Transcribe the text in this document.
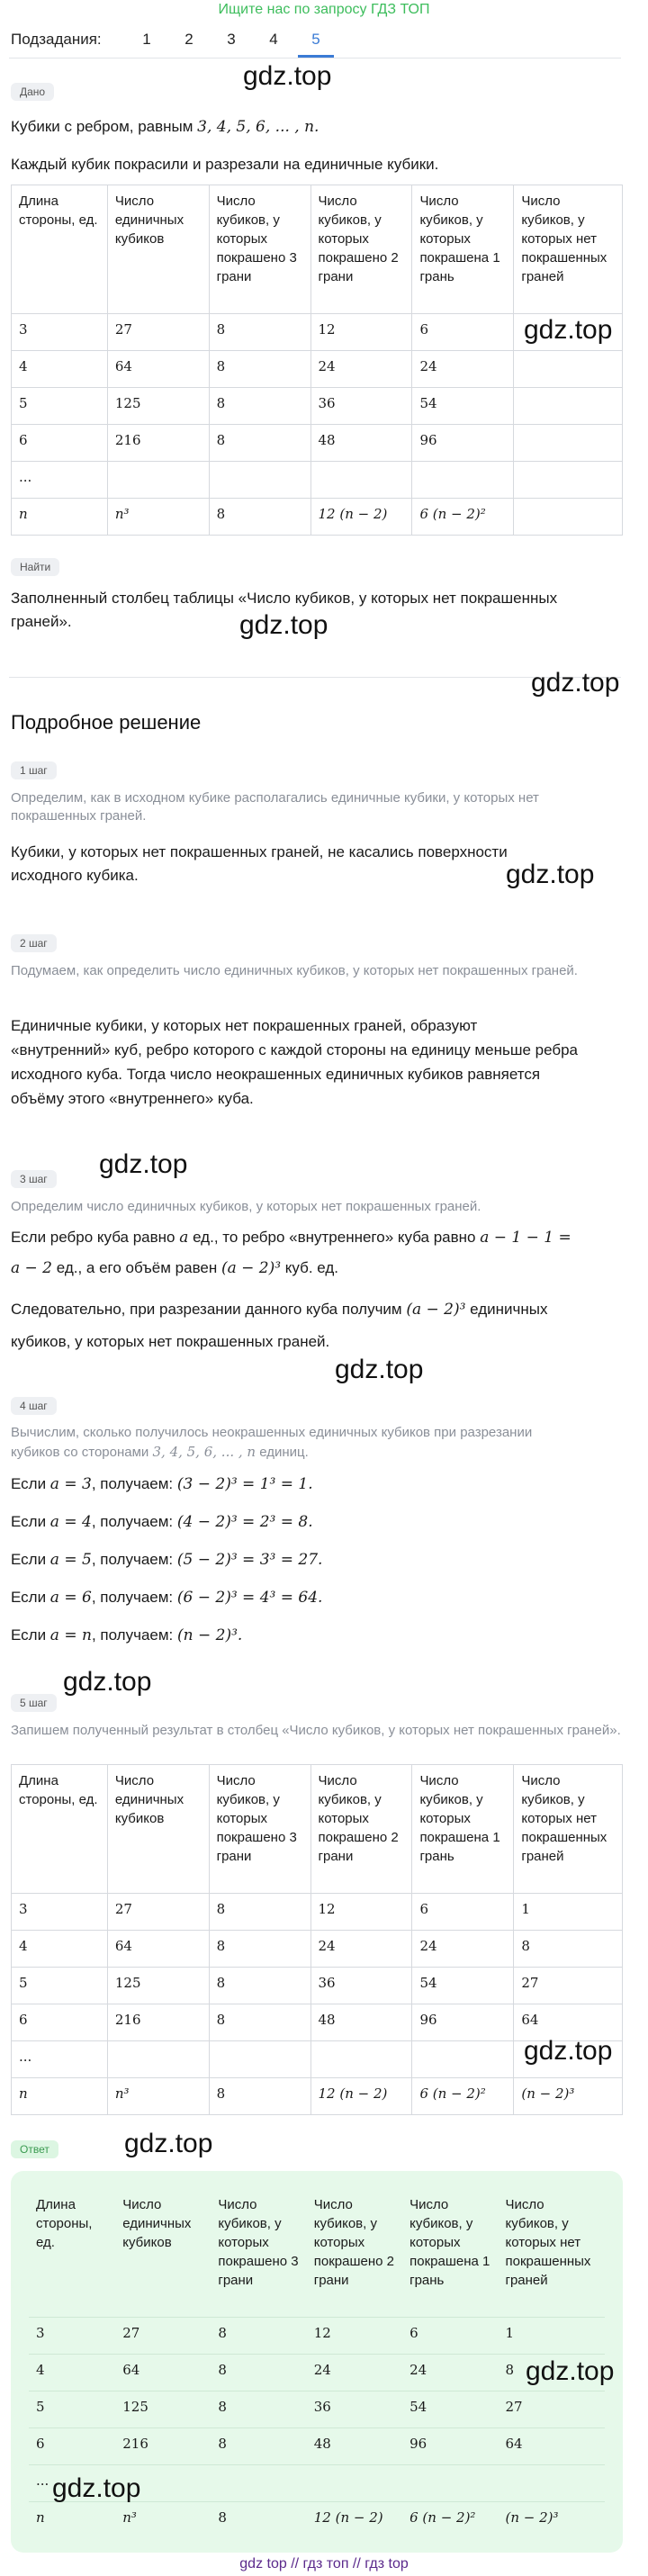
Ищите нас по запросу ГДЗ ТОП
Подзадания:	1	2	3	4	5
Дано
gdz.top
Кубики с ребром, равным 3, 4, 5, 6, ... , n.
Каждый кубик покрасили и разрезали на единичные кубики.
Длина стороны, ед.	Число единичных кубиков	Число кубиков, у которых покрашено 3 грани	Число кубиков, у которых покрашено 2 грани	Число кубиков, у которых покрашена 1 грань	Число кубиков, у которых нет покрашенных граней
3	27	8	12	6	
4	64	8	24	24	
5	125	8	36	54	
6	216	8	48	96	
...					
n	n³	8	12 (n − 2)	6 (n − 2)²	
gdz.top
Найти
Заполненный столбец таблицы «Число кубиков, у которых нет покрашенных граней».	gdz.top
gdz.top
Подробное решение
1 шаг
Определим, как в исходном кубике располагались единичные кубики, у которых нет покрашенных граней.
Кубики, у которых нет покрашенных граней, не касались поверхности исходного кубика.	gdz.top
2 шаг
Подумаем, как определить число единичных кубиков, у которых нет покрашенных граней.
Единичные кубики, у которых нет покрашенных граней, образуют «внутренний» куб, ребро которого с каждой стороны на единицу меньше ребра исходного куба. Тогда число неокрашенных единичных кубиков равняется объёму этого «внутреннего» куба.
3 шаг	gdz.top
Определим число единичных кубиков, у которых нет покрашенных граней.
Если ребро куба равно a ед., то ребро «внутреннего» куба равно a − 1 − 1 =
a − 2 ед., а его объём равен (a − 2)³ куб. ед.
Следовательно, при разрезании данного куба получим (a − 2)³ единичных
кубиков, у которых нет покрашенных граней.
gdz.top
4 шаг
Вычислим, сколько получилось неокрашенных единичных кубиков при разрезании
кубиков со сторонами 3, 4, 5, 6, ... , n единиц.
Если a = 3, получаем: (3 − 2)³ = 1³ = 1.
Если a = 4, получаем: (4 − 2)³ = 2³ = 8.
Если a = 5, получаем: (5 − 2)³ = 3³ = 27.
Если a = 6, получаем: (6 − 2)³ = 4³ = 64.
Если a = n, получаем: (n − 2)³.
gdz.top
5 шаг
Запишем полученный результат в столбец «Число кубиков, у которых нет покрашенных граней».
Длина стороны, ед.	Число единичных кубиков	Число кубиков, у которых покрашено 3 грани	Число кубиков, у которых покрашено 2 грани	Число кубиков, у которых покрашена 1 грань	Число кубиков, у которых нет покрашенных граней
3	27	8	12	6	1
4	64	8	24	24	8
5	125	8	36	54	27
6	216	8	48	96	64
...					
n	n³	8	12 (n − 2)	6 (n − 2)²	(n − 2)³
gdz.top
Ответ	gdz.top
Длина стороны, ед.	Число единичных кубиков	Число кубиков, у которых покрашено 3 грани	Число кубиков, у которых покрашено 2 грани	Число кубиков, у которых покрашена 1 грань	Число кубиков, у которых нет покрашенных граней
3	27	8	12	6	1
4	64	8	24	24	8
5	125	8	36	54	27
6	216	8	48	96	64
...					
n	n³	8	12 (n − 2)	6 (n − 2)²	(n − 2)³
gdz.top
gdz.top
gdz top // гдз топ // гдз top
